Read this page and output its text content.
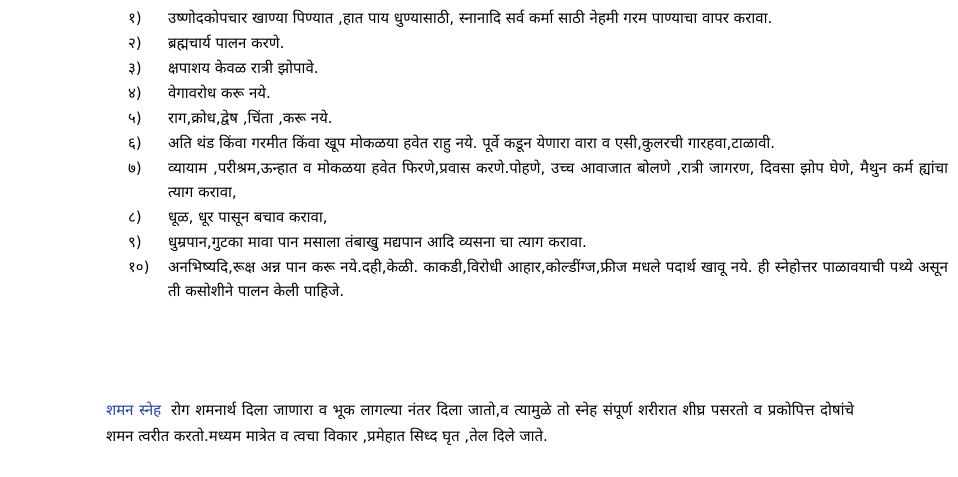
१)	उष्णोदकोपचार खाण्या पिण्यात ,हात पाय धुण्यासाठी, स्नानादि सर्व कर्मा साठी नेहमी गरम पाण्याचा वापर करावा.
२)	ब्रह्मचार्य पालन करणे.
३)	क्षपाशय केवळ रात्री झोपावे.
४)	वेगावरोध करू नये.
५)	राग,क्रोध,द्वेष ,चिंता ,करू नये.
६)	अति थंड किंवा गरमीत किंवा खूप मोकळया हवेत राहु नये. पूर्वे कडून येणारा वारा व एसी,कुलरची गारहवा,टाळावी.
७)	व्यायाम ,परीश्रम,ऊन्हात व मोकळया हवेत फिरणे,प्रवास करणे.पोहणे, उच्च आवाजात बोलणे ,रात्री जागरण, दिवसा झोप घेणे, मैथुन कर्म ह्यांचा त्याग करावा,
८)	धूळ, धूर पासून बचाव करावा,
९)	धुम्रपान,गुटका मावा पान मसाला तंबाखु मद्यपान आदि व्यसना चा त्याग करावा.
१०)	अनभिष्यदि,रूक्ष अन्न पान करू नये.दही,केळी. काकडी,विरोधी आहार,कोल्डींग्ज,फ्रीज मधले पदार्थ खावू नये. ही स्नेहोत्तर पाळावयाची पथ्ये असून ती कसोशीने पालन केली पाहिजे.

शमन स्नेह रोग शमनार्थ दिला जाणारा व भूक लागल्या नंतर दिला जातो,व त्यामुळे तो स्नेह संपूर्ण शरीरात शीघ्र पसरतो व प्रकोपित्त दोषांचे शमन त्वरीत करतो.मध्यम मात्रेत व त्वचा विकार ,प्रमेहात सिध्द घृत ,तेल दिले जाते.
